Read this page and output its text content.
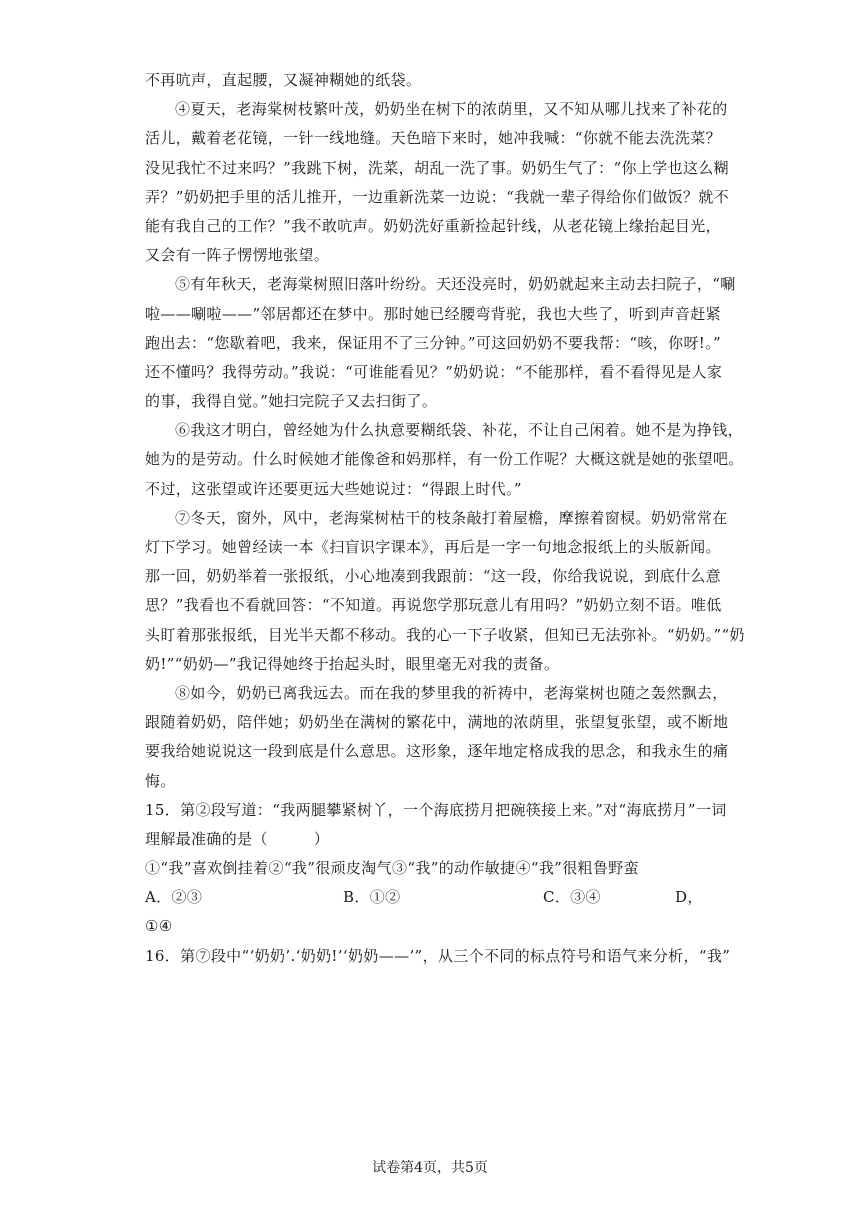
不再吭声，直起腰，又凝神糊她的纸袋。
④夏天，老海棠树枝繁叶茂，奶奶坐在树下的浓荫里，又不知从哪儿找来了补花的
活儿，戴着老花镜，一针一线地缝。天色暗下来时，她冲我喊：“你就不能去洗洗菜？
没见我忙不过来吗？”我跳下树，洗菜，胡乱一洗了事。奶奶生气了：“你上学也这么糊
弄？”奶奶把手里的活儿推开，一边重新洗菜一边说：“我就一辈子得给你们做饭？就不
能有我自己的工作？”我不敢吭声。奶奶洗好重新捡起针线，从老花镜上缘抬起目光，
又会有一阵子愣愣地张望。
⑤有年秋天，老海棠树照旧落叶纷纷。天还没亮时，奶奶就起来主动去扫院子，“唰
啦——唰啦——”邻居都还在梦中。那时她已经腰弯背驼，我也大些了，听到声音赶紧
跑出去：“您歇着吧，我来，保证用不了三分钟。”可这回奶奶不要我帮：“咳，你呀!。”
还不懂吗？我得劳动。”我说：“可谁能看见？”奶奶说：“不能那样，看不看得见是人家
的事，我得自觉。”她扫完院子又去扫街了。
⑥我这才明白，曾经她为什么执意要糊纸袋、补花，不让自己闲着。她不是为挣钱，
她为的是劳动。什么时候她才能像爸和妈那样，有一份工作呢？大概这就是她的张望吧。
不过，这张望或许还要更远大些她说过：“得跟上时代。”
⑦冬天，窗外，风中，老海棠树枯干的枝条敲打着屋檐，摩擦着窗棂。奶奶常常在
灯下学习。她曾经读一本《扫盲识字课本》，再后是一字一句地念报纸上的头版新闻。
那一回，奶奶举着一张报纸，小心地凑到我跟前：“这一段，你给我说说，到底什么意
思？”我看也不看就回答：“不知道。再说您学那玩意儿有用吗？”奶奶立刻不语。唯低
头盯着那张报纸，目光半天都不移动。我的心一下子收紧，但知已无法弥补。“奶奶。”“奶
奶!”“奶奶—”我记得她终于抬起头时，眼里毫无对我的责备。
⑧如今，奶奶已离我远去。而在我的梦里我的祈祷中，老海棠树也随之轰然飘去，
跟随着奶奶，陪伴她；奶奶坐在满树的繁花中，满地的浓荫里，张望复张望，或不断地
要我给她说说这一段到底是什么意思。这形象，逐年地定格成我的思念，和我永生的痛
悔。
15．第②段写道：“我两腿攀紧树丫，一个海底捞月把碗筷接上来。”对“海底捞月”一词
理解最准确的是（　　　）
①“我”喜欢倒挂着②“我”很顽皮淘气③“我”的动作敏捷④“我”很粗鲁野蛮
A．②③	B．①②	C．③④	D，
①④
16．第⑦段中“‘奶奶’.‘奶奶!’‘奶奶——’”，从三个不同的标点符号和语气来分析，“我”
试卷第4页，共5页
